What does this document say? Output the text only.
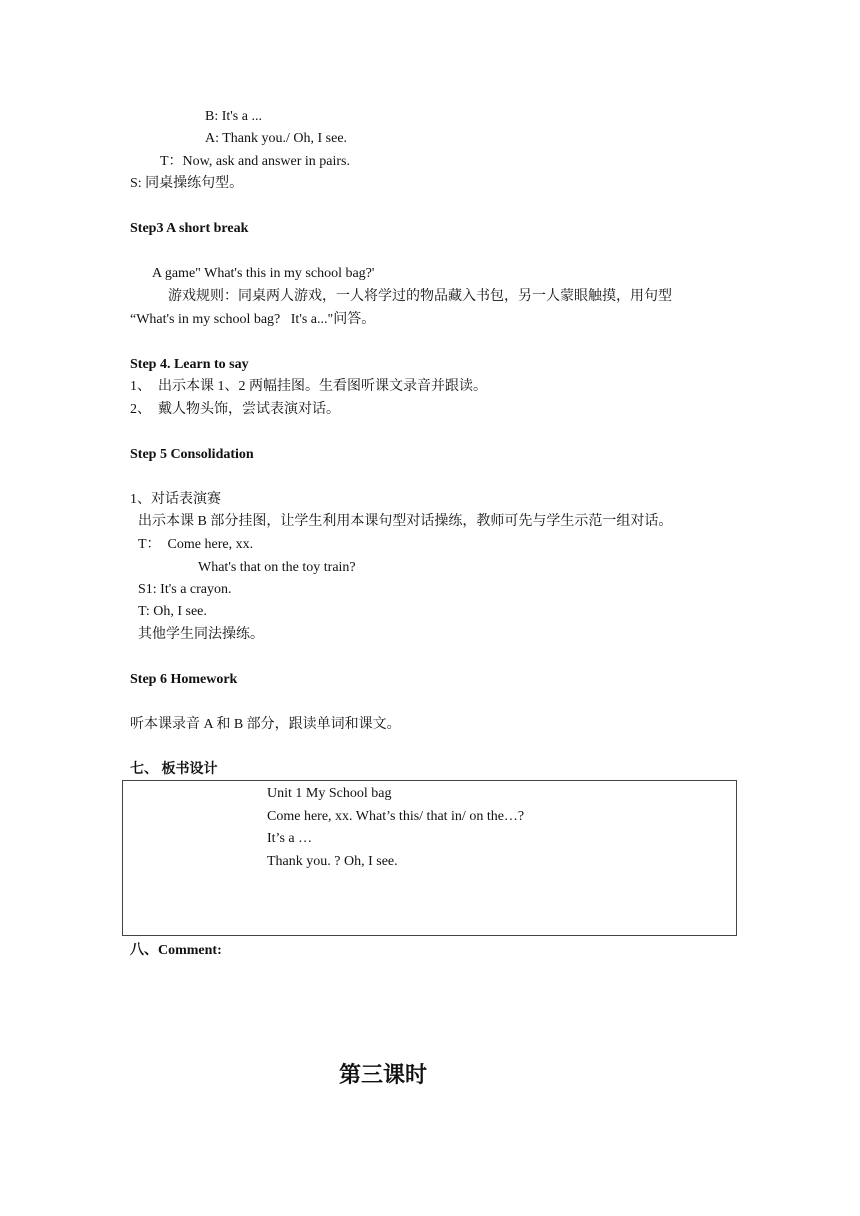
B: It's a ...
A: Thank you./ Oh, I see.
T：Now, ask and answer in pairs.
S: 同桌操练句型。
Step3 A short break
A game" What's this in my school bag?'
游戏规则：同桌两人游戏，一人将学过的物品藏入书包，另一人蒙眼触摸，用句型
“What's in my school bag?   It's a..."问答。
Step 4. Learn to say
1、  出示本课 1、2 两幅挂图。生看图听课文录音并跟读。
2、  戴人物头饰，尝试表演对话。
Step 5 Consolidation
1、对话表演赛
出示本课 B 部分挂图，让学生利用本课句型对话操练，教师可先与学生示范一组对话。
T：  Come here, xx.
What's that on the toy train?
S1: It's a crayon.
T: Oh, I see.
其他学生同法操练。
Step 6 Homework
听本课录音 A 和 B 部分，跟读单词和课文。
七、 板书设计
Unit 1 My School bag
Come here, xx. What’s this/ that in/ on the…?
It’s a …
Thank you. ? Oh, I see.
八、Comment:
第三课时
